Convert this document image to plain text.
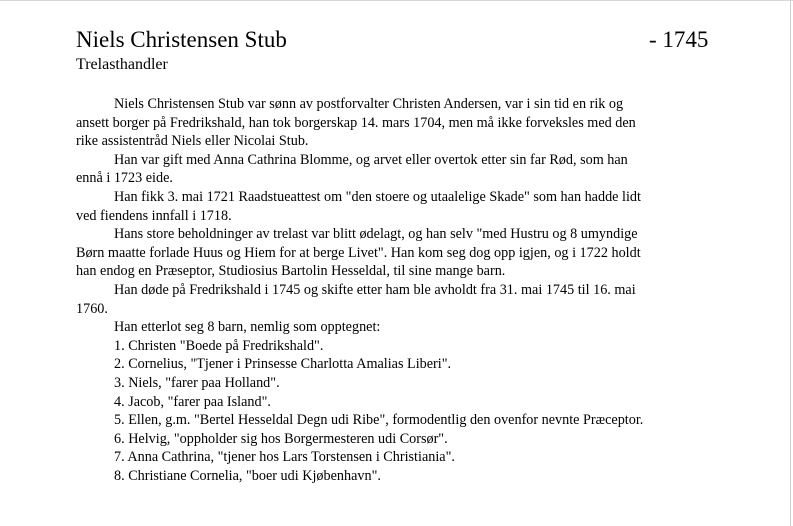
Niels Christensen Stub	- 1745
Trelasthandler
Niels Christensen Stub var sønn av postforvalter Christen Andersen, var i sin tid en rik og
ansett borger på Fredrikshald, han tok borgerskap 14. mars 1704, men må ikke forveksles med den
rike assistentråd Niels eller Nicolai Stub.
Han var gift med Anna Cathrina Blomme, og arvet eller overtok etter sin far Rød, som han
ennå i 1723 eide.
Han fikk 3. mai 1721 Raadstueattest om "den stoere og utaalelige Skade" som han hadde lidt
ved fiendens innfall i 1718.
Hans store beholdninger av trelast var blitt ødelagt, og han selv "med Hustru og 8 umyndige
Børn maatte forlade Huus og Hiem for at berge Livet". Han kom seg dog opp igjen, og i 1722 holdt
han endog en Præseptor, Studiosius Bartolin Hesseldal, til sine mange barn.
Han døde på Fredrikshald i 1745 og skifte etter ham ble avholdt fra 31. mai 1745 til 16. mai
1760.
Han etterlot seg 8 barn, nemlig som opptegnet:
1. Christen "Boede på Fredrikshald".
2. Cornelius, "Tjener i Prinsesse Charlotta Amalias Liberi".
3. Niels, "farer paa Holland".
4. Jacob, "farer paa Island".
5. Ellen, g.m. "Bertel Hesseldal Degn udi Ribe", formodentlig den ovenfor nevnte Præceptor.
6. Helvig, "oppholder sig hos Borgermesteren udi Corsør".
7. Anna Cathrina, "tjener hos Lars Torstensen i Christiania".
8. Christiane Cornelia, "boer udi Kjøbenhavn".
